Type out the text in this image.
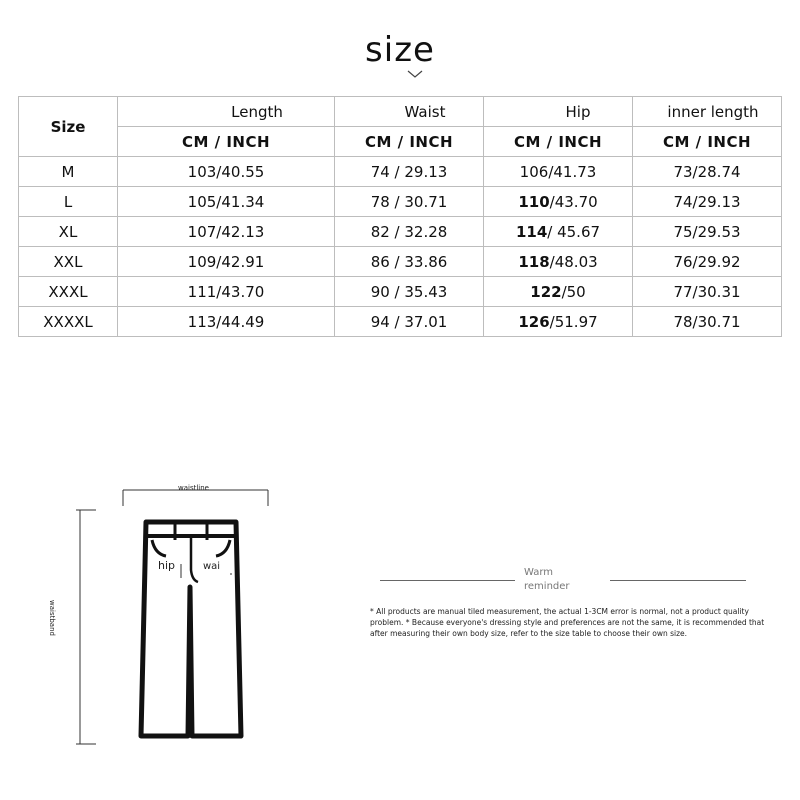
size
Size	Length	Waist	Hip	inner length
	CM / INCH	CM / INCH	CM / INCH	CM / INCH
M	103/40.55	74 / 29.13	106/41.73	73/28.74
L	105/41.34	78 / 30.71	110/43.70	74/29.13
XL	107/42.13	82 / 32.28	114/ 45.67	75/29.53
XXL	109/42.91	86 / 33.86	118/48.03	76/29.92
XXXL	111/43.70	90 / 35.43	122/50	77/30.31
XXXXL	113/44.49	94 / 37.01	126/51.97	78/30.71
waistline
waistband
hip	wai
Warm
reminder

* All products are manual tiled measurement, the actual 1-3CM error is normal, not a product quality problem. * Because everyone's dressing style and preferences are not the same, it is recommended that after measuring their own body size, refer to the size table to choose their own size.
